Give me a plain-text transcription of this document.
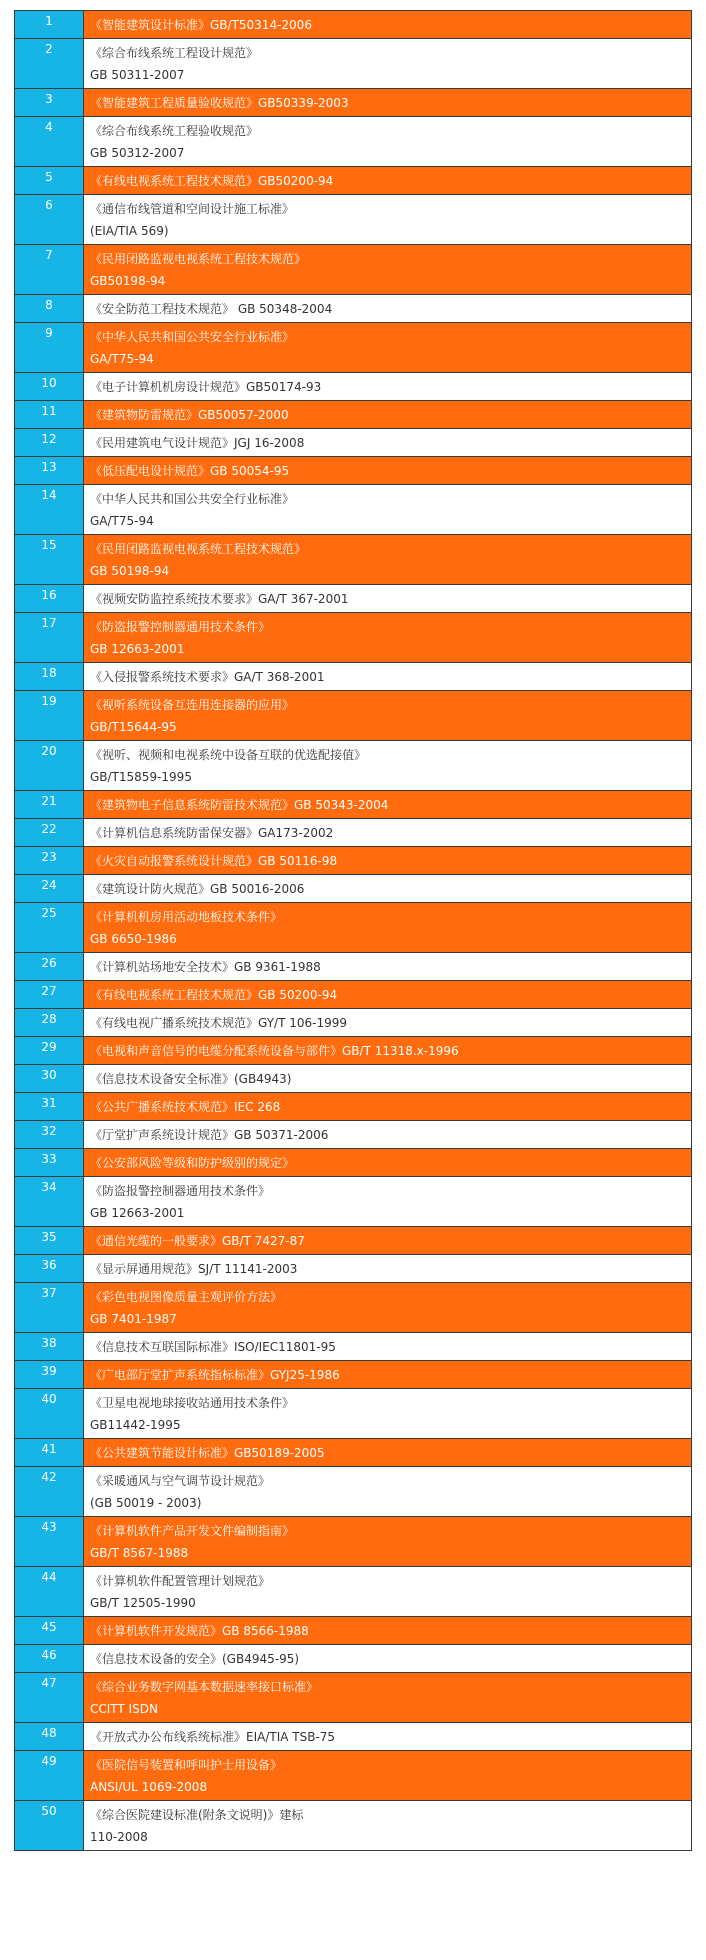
1	《智能建筑设计标准》GB/T50314-2006

2	《综合布线系统工程设计规范》
GB 50311-2007

3	《智能建筑工程质量验收规范》GB50339-2003

4	《综合布线系统工程验收规范》
GB 50312-2007

5	《有线电视系统工程技术规范》GB50200-94

6	《通信布线管道和空间设计施工标准》
(EIA/TIA 569)

7	《民用闭路监视电视系统工程技术规范》
GB50198-94

8	《安全防范工程技术规范》 GB 50348-2004

9	《中华人民共和国公共安全行业标准》
GA/T75-94

10	《电子计算机机房设计规范》GB50174-93

11	《建筑物防雷规范》GB50057-2000

12	《民用建筑电气设计规范》JGJ 16-2008

13	《低压配电设计规范》GB 50054-95

14	《中华人民共和国公共安全行业标准》
GA/T75-94

15	《民用闭路监视电视系统工程技术规范》
GB 50198-94

16	《视频安防监控系统技术要求》GA/T 367-2001

17	《防盗报警控制器通用技术条件》
GB 12663-2001

18	《入侵报警系统技术要求》GA/T 368-2001

19	《视听系统设备互连用连接器的应用》
GB/T15644-95

20	《视听、视频和电视系统中设备互联的优选配接值》
GB/T15859-1995

21	《建筑物电子信息系统防雷技术规范》GB 50343-2004

22	《计算机信息系统防雷保安器》GA173-2002

23	《火灾自动报警系统设计规范》GB 50116-98

24	《建筑设计防火规范》GB 50016-2006

25	《计算机机房用活动地板技术条件》
GB 6650-1986

26	《计算机站场地安全技术》GB 9361-1988

27	《有线电视系统工程技术规范》GB 50200-94

28	《有线电视广播系统技术规范》GY/T 106-1999

29	《电视和声音信号的电缆分配系统设备与部件》GB/T 11318.x-1996

30	《信息技术设备安全标准》(GB4943)

31	《公共广播系统技术规范》IEC 268

32	《厅堂扩声系统设计规范》GB 50371-2006

33	《公安部风险等级和防护级别的规定》

34	《防盗报警控制器通用技术条件》
GB 12663-2001

35	《通信光缆的一般要求》GB/T 7427-87

36	《显示屏通用规范》SJ/T 11141-2003

37	《彩色电视图像质量主观评价方法》
GB 7401-1987

38	《信息技术互联国际标准》ISO/IEC11801-95

39	《广电部厅堂扩声系统指标标准》GYJ25-1986

40	《卫星电视地球接收站通用技术条件》
GB11442-1995

41	《公共建筑节能设计标准》GB50189-2005

42	《采暖通风与空气调节设计规范》
(GB 50019 - 2003)

43	《计算机软件产品开发文件编制指南》
GB/T 8567-1988

44	《计算机软件配置管理计划规范》
GB/T 12505-1990

45	《计算机软件开发规范》GB 8566-1988

46	《信息技术设备的安全》(GB4945-95)

47	《综合业务数字网基本数据速率接口标准》
CCITT ISDN

48	《开放式办公布线系统标准》EIA/TIA TSB-75

49	《医院信号装置和呼叫护士用设备》
ANSI/UL 1069-2008

50	《综合医院建设标准(附条文说明)》建标
110-2008
